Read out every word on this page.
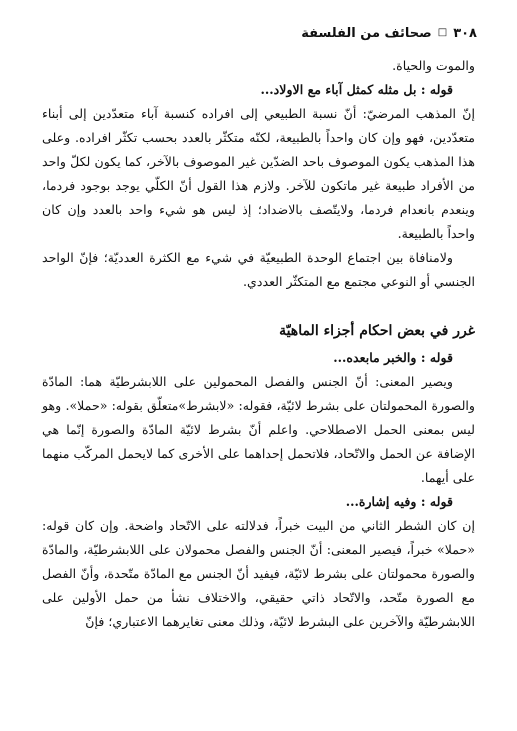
٣٠٨
□
صحائف من الفلسفة

والموت والحياة.

قوله : بل مثله كمثل آباء مع الاولاد...

إنّ المذهب المرضيّ: أنّ نسبة الطبيعي إلى افراده كنسبة آباء متعدّدين إلى أبناء متعدّدين، فهو وإن كان واحداً بالطبيعة، لكنّه متكثّر بالعدد بحسب تكثّر افراده. وعلى هذا المذهب يكون الموصوف باحد الضدّين غير الموصوف بالآخر، كما يكون لكلّ واحد من الأفراد طبيعة غير ماتكون للآخر. ولازم هذا القول أنّ الكلّي يوجد بوجود فردما، وينعدم بانعدام فردما، ولايتّصف بالاضداد؛ إذ ليس هو شيء واحد بالعدد وإن كان واحداً بالطبيعة.

ولامنافاة بين اجتماع الوحدة الطبيعيّة في شيء مع الكثرة العدديّة؛ فإنّ الواحد الجنسي أو النوعي مجتمع مع المتكثّر العددي.

غرر في بعض احكام أجزاء الماهيّة

قوله : والخبر مابعده...

ويصير المعنى: أنّ الجنس والفصل المحمولين على اللابشرطيّة هما: المادّة والصورة المحمولتان على بشرط لائيّة، فقوله: «لابشرط»متعلّق بقوله: «حملا». وهو ليس بمعنى الحمل الاصطلاحي. واعلم أنّ بشرط لائيّة المادّة والصورة إنّما هي الإضافة عن الحمل والاتّحاد، فلاتحمل إحداهما على الأخرى كما لايحمل المركّب منهما على أيهما.

قوله : وفيه إشارة...

إن كان الشطر الثاني من البيت خبراً، فدلالته على الاتّحاد واضحة. وإن كان قوله: «حملا» خبراً، فيصير المعنى: أنّ الجنس والفصل محمولان على اللابشرطيّة، والمادّة والصورة محمولتان على بشرط لائيّة، فيفيد أنّ الجنس مع المادّة متّحدة، وأنّ الفصل مع الصورة متّحد، والاتّحاد ذاتي حقيقي، والاختلاف نشأ من حمل الأولين على اللابشرطيّة والآخرين على البشرط لائيّة، وذلك معنى تغايرهما الاعتباري؛ فإنّ
